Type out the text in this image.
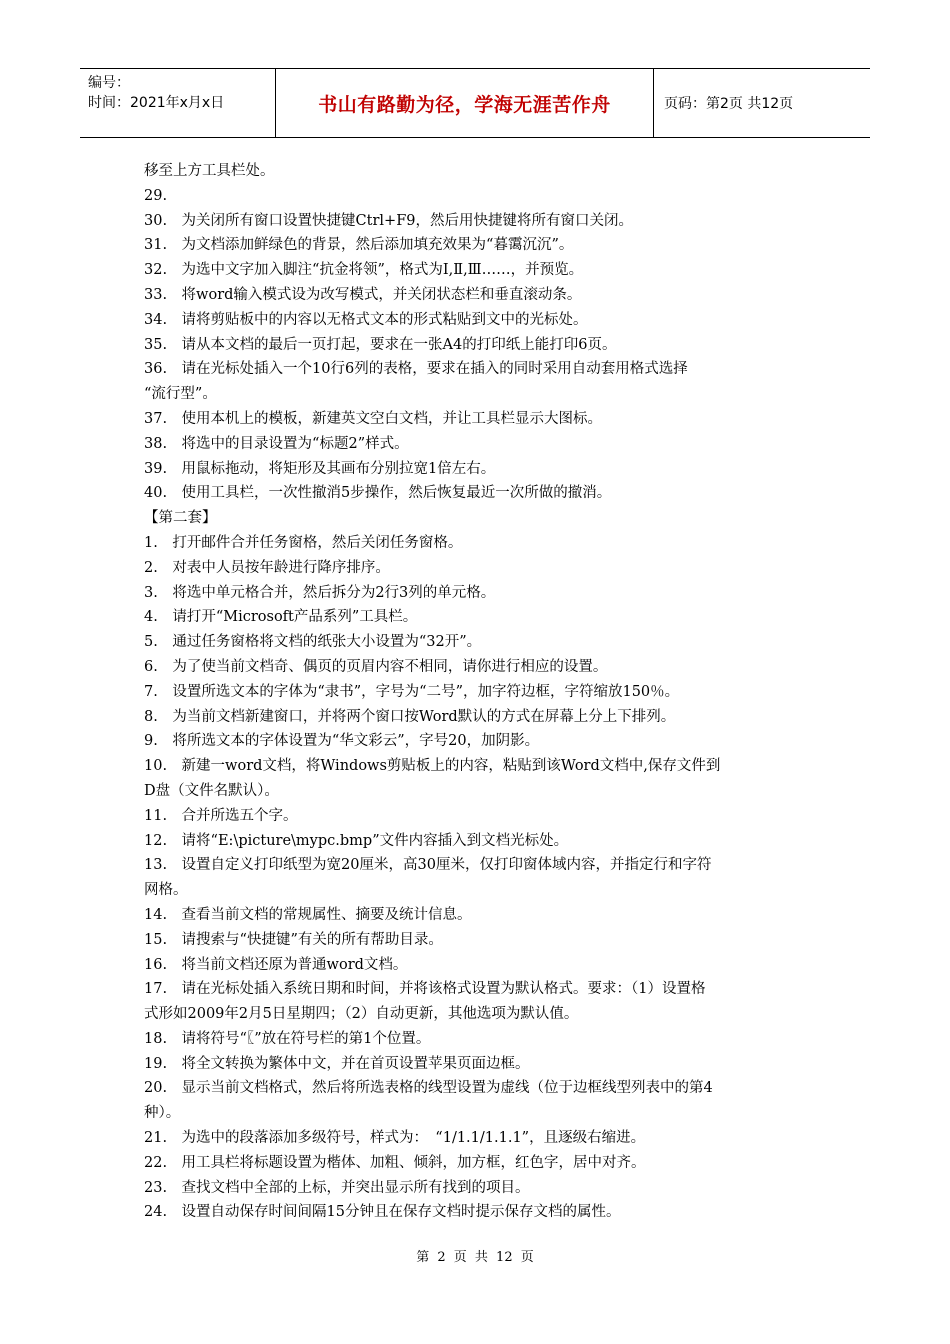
编号：
时间：2021年x月x日	书山有路勤为径，学海无涯苦作舟	页码：第2页 共12页

移至上方工具栏处。

29.

30.　为关闭所有窗口设置快捷键Ctrl+F9，然后用快捷键将所有窗口关闭。

31.　为文档添加鲜绿色的背景，然后添加填充效果为“暮霭沉沉”。

32.　为选中文字加入脚注“抗金将领”，格式为Ⅰ,Ⅱ,Ⅲ……，并预览。

33.　将word输入模式设为改写模式，并关闭状态栏和垂直滚动条。

34.　请将剪贴板中的内容以无格式文本的形式粘贴到文中的光标处。

35.　请从本文档的最后一页打起，要求在一张A4的打印纸上能打印6页。

36.　请在光标处插入一个10行6列的表格，要求在插入的同时采用自动套用格式选择

“流行型”。

37.　使用本机上的模板，新建英文空白文档，并让工具栏显示大图标。

38.　将选中的目录设置为“标题2”样式。

39.　用鼠标拖动，将矩形及其画布分别拉宽1倍左右。

40.　使用工具栏，一次性撤消5步操作，然后恢复最近一次所做的撤消。

【第二套】

1.　打开邮件合并任务窗格，然后关闭任务窗格。

2.　对表中人员按年龄进行降序排序。

3.　将选中单元格合并，然后拆分为2行3列的单元格。

4.　请打开“Microsoft产品系列”工具栏。

5.　通过任务窗格将文档的纸张大小设置为“32开”。

6.　为了使当前文档奇、偶页的页眉内容不相同，请你进行相应的设置。

7.　设置所选文本的字体为“隶书”，字号为“二号”，加字符边框，字符缩放150％。

8.　为当前文档新建窗口，并将两个窗口按Word默认的方式在屏幕上分上下排列。

9.　将所选文本的字体设置为“华文彩云”，字号20，加阴影。

10.　新建一word文档，将Windows剪贴板上的内容，粘贴到该Word文档中,保存文件到

D盘（文件名默认）。

11.　合并所选五个字。

12.　请将“E:\picture\mypc.bmp”文件内容插入到文档光标处。

13.　设置自定义打印纸型为宽20厘米，高30厘米，仅打印窗体域内容，并指定行和字符

网格。

14.　查看当前文档的常规属性、摘要及统计信息。

15.　请搜索与“快捷键”有关的所有帮助目录。

16.　将当前文档还原为普通word文档。

17.　请在光标处插入系统日期和时间，并将该格式设置为默认格式。要求：（1）设置格

式形如2009年2月5日星期四；（2）自动更新，其他选项为默认值。

18.　请将符号“〖”放在符号栏的第1个位置。

19.　将全文转换为繁体中文，并在首页设置苹果页面边框。

20.　显示当前文档格式，然后将所选表格的线型设置为虚线（位于边框线型列表中的第4

种）。

21.　为选中的段落添加多级符号，样式为：　“1/1.1/1.1.1”，且逐级右缩进。

22.　用工具栏将标题设置为楷体、加粗、倾斜，加方框，红色字，居中对齐。

23.　查找文档中全部的上标，并突出显示所有找到的项目。

24.　设置自动保存时间间隔15分钟且在保存文档时提示保存文档的属性。

第 2 页 共 12 页
